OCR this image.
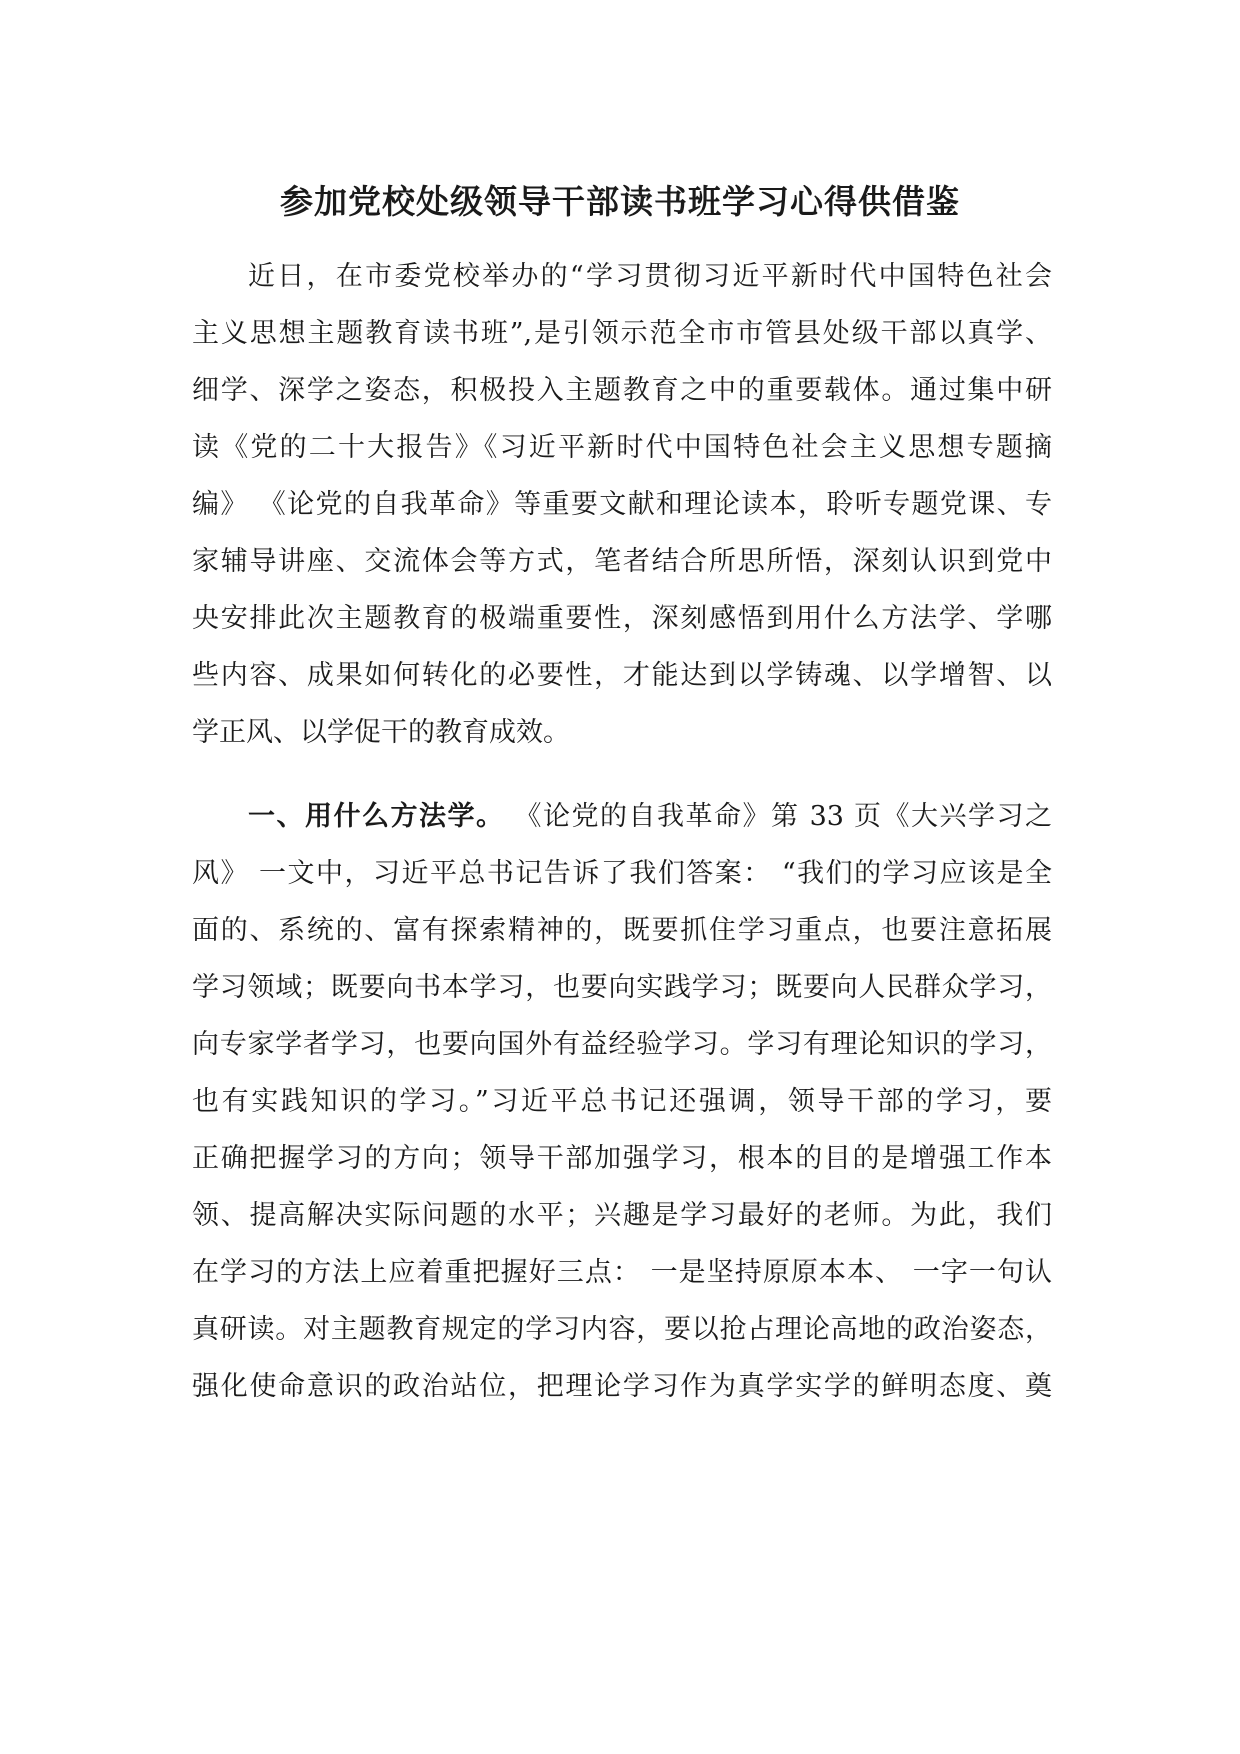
参加党校处级领导干部读书班学习心得供借鉴
近日，在市委党校举办的“学习贯彻习近平新时代中国特色社会
主义思想主题教育读书班”,是引领示范全市市管县处级干部以真学、
细学、深学之姿态，积极投入主题教育之中的重要载体。通过集中研
读《党的二十大报告》《习近平新时代中国特色社会主义思想专题摘
编》 《论党的自我革命》等重要文献和理论读本，聆听专题党课、专
家辅导讲座、交流体会等方式，笔者结合所思所悟，深刻认识到党中
央安排此次主题教育的极端重要性，深刻感悟到用什么方法学、学哪
些内容、成果如何转化的必要性，才能达到以学铸魂、以学增智、以
学正风、以学促干的教育成效。
一、用什么方法学。 《论党的自我革命》第 33 页《大兴学习之
风》 一文中，习近平总书记告诉了我们答案： “我们的学习应该是全
面的、系统的、富有探索精神的，既要抓住学习重点，也要注意拓展
学习领域；既要向书本学习，也要向实践学习；既要向人民群众学习，
向专家学者学习，也要向国外有益经验学习。学习有理论知识的学习，
也有实践知识的学习。”习近平总书记还强调，领导干部的学习，要
正确把握学习的方向；领导干部加强学习，根本的目的是增强工作本
领、提高解决实际问题的水平；兴趣是学习最好的老师。为此，我们
在学习的方法上应着重把握好三点： 一是坚持原原本本、 一字一句认
真研读。对主题教育规定的学习内容，要以抢占理论高地的政治姿态，
强化使命意识的政治站位，把理论学习作为真学实学的鲜明态度、奠
